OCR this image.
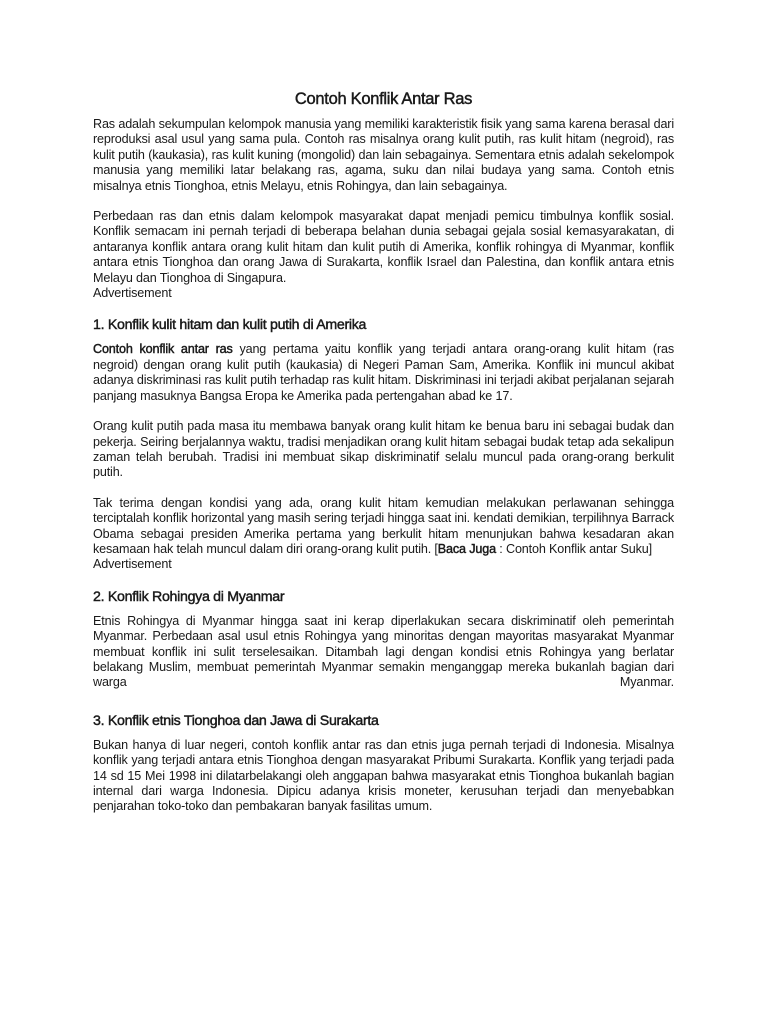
Contoh Konflik Antar Ras

Ras adalah sekumpulan kelompok manusia yang memiliki karakteristik fisik yang sama karena berasal dari reproduksi asal usul yang sama pula. Contoh ras misalnya orang kulit putih, ras kulit hitam (negroid), ras kulit putih (kaukasia), ras kulit kuning (mongolid) dan lain sebagainya. Sementara etnis adalah sekelompok manusia yang memiliki latar belakang ras, agama, suku dan nilai budaya yang sama. Contoh etnis misalnya etnis Tionghoa, etnis Melayu, etnis Rohingya, dan lain sebagainya.

Perbedaan ras dan etnis dalam kelompok masyarakat dapat menjadi pemicu timbulnya konflik sosial. Konflik semacam ini pernah terjadi di beberapa belahan dunia sebagai gejala sosial kemasyarakatan, di antaranya konflik antara orang kulit hitam dan kulit putih di Amerika, konflik rohingya di Myanmar, konflik antara etnis Tionghoa dan orang Jawa di Surakarta, konflik Israel dan Palestina, dan konflik antara etnis Melayu dan Tionghoa di Singapura.

Advertisement
1. Konflik kulit hitam dan kulit putih di Amerika

Contoh konflik antar ras yang pertama yaitu konflik yang terjadi antara orang-orang kulit hitam (ras negroid) dengan orang kulit putih (kaukasia) di Negeri Paman Sam, Amerika. Konflik ini muncul akibat adanya diskriminasi ras kulit putih terhadap ras kulit hitam. Diskriminasi ini terjadi akibat perjalanan sejarah panjang masuknya Bangsa Eropa ke Amerika pada pertengahan abad ke 17.

Orang kulit putih pada masa itu membawa banyak orang kulit hitam ke benua baru ini sebagai budak dan pekerja. Seiring berjalannya waktu, tradisi menjadikan orang kulit hitam sebagai budak tetap ada sekalipun zaman telah berubah. Tradisi ini membuat sikap diskriminatif selalu muncul pada orang-orang berkulit putih.

Tak terima dengan kondisi yang ada, orang kulit hitam kemudian melakukan perlawanan sehingga terciptalah konflik horizontal yang masih sering terjadi hingga saat ini. kendati demikian, terpilihnya Barrack Obama sebagai presiden Amerika pertama yang berkulit hitam menunjukan bahwa kesadaran akan kesamaan hak telah muncul dalam diri orang-orang kulit putih. [Baca Juga : Contoh Konflik antar Suku]

Advertisement
2. Konflik Rohingya di Myanmar

Etnis Rohingya di Myanmar hingga saat ini kerap diperlakukan secara diskriminatif oleh pemerintah Myanmar. Perbedaan asal usul etnis Rohingya yang minoritas dengan mayoritas masyarakat Myanmar membuat konflik ini sulit terselesaikan. Ditambah lagi dengan kondisi etnis Rohingya yang berlatar belakang Muslim, membuat pemerintah Myanmar semakin menganggap mereka bukanlah bagian dari warga Myanmar.

3. Konflik etnis Tionghoa dan Jawa di Surakarta

Bukan hanya di luar negeri, contoh konflik antar ras dan etnis juga pernah terjadi di Indonesia. Misalnya konflik yang terjadi antara etnis Tionghoa dengan masyarakat Pribumi Surakarta. Konflik yang terjadi pada 14 sd 15 Mei 1998 ini dilatarbelakangi oleh anggapan bahwa masyarakat etnis Tionghoa bukanlah bagian internal dari warga Indonesia. Dipicu adanya krisis moneter, kerusuhan terjadi dan menyebabkan penjarahan toko-toko dan pembakaran banyak fasilitas umum.
